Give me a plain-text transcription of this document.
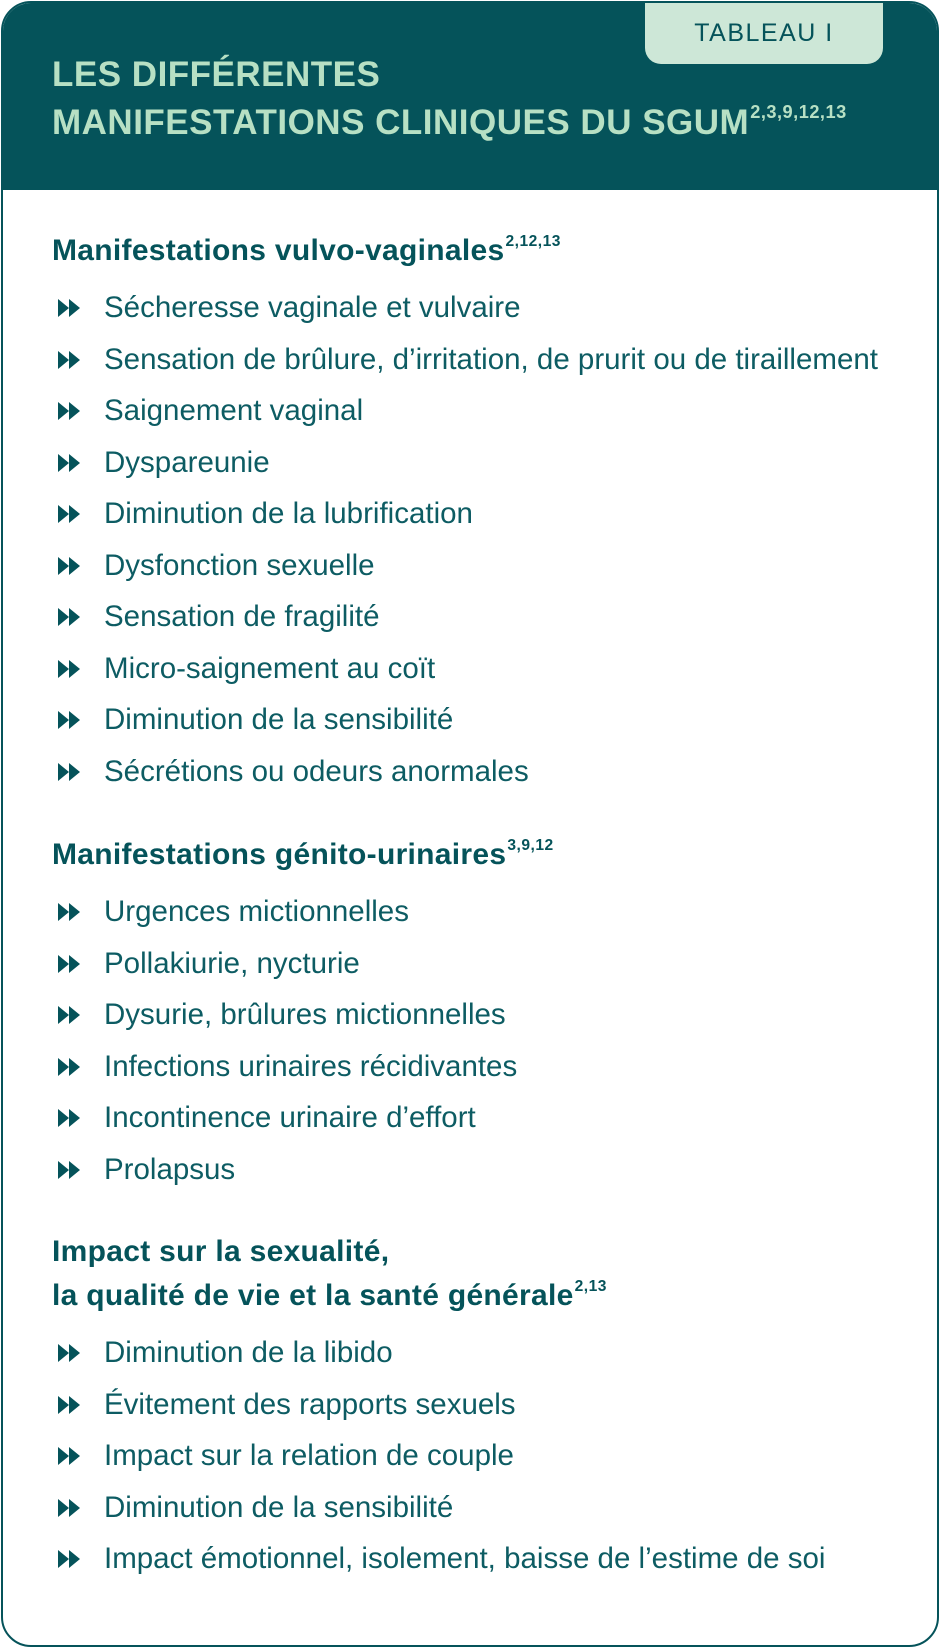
TABLEAU I
LES DIFFÉRENTES
MANIFESTATIONS CLINIQUES DU SGUM$^{2,3,9,12,13}$
Manifestations vulvo-vaginales$^{2,12,13}$
Sécheresse vaginale et vulvaire
Sensation de brûlure, d’irritation, de prurit ou de tiraillement
Saignement vaginal
Dyspareunie
Diminution de la lubrification
Dysfonction sexuelle
Sensation de fragilité
Micro-saignement au coït
Diminution de la sensibilité
Sécrétions ou odeurs anormales
Manifestations génito-urinaires$^{3,9,12}$
Urgences mictionnelles
Pollakiurie, nycturie
Dysurie, brûlures mictionnelles
Infections urinaires récidivantes
Incontinence urinaire d’effort
Prolapsus
Impact sur la sexualité,
la qualité de vie et la santé générale$^{2,13}$
Diminution de la libido
Évitement des rapports sexuels
Impact sur la relation de couple
Diminution de la sensibilité
Impact émotionnel, isolement, baisse de l’estime de soi
